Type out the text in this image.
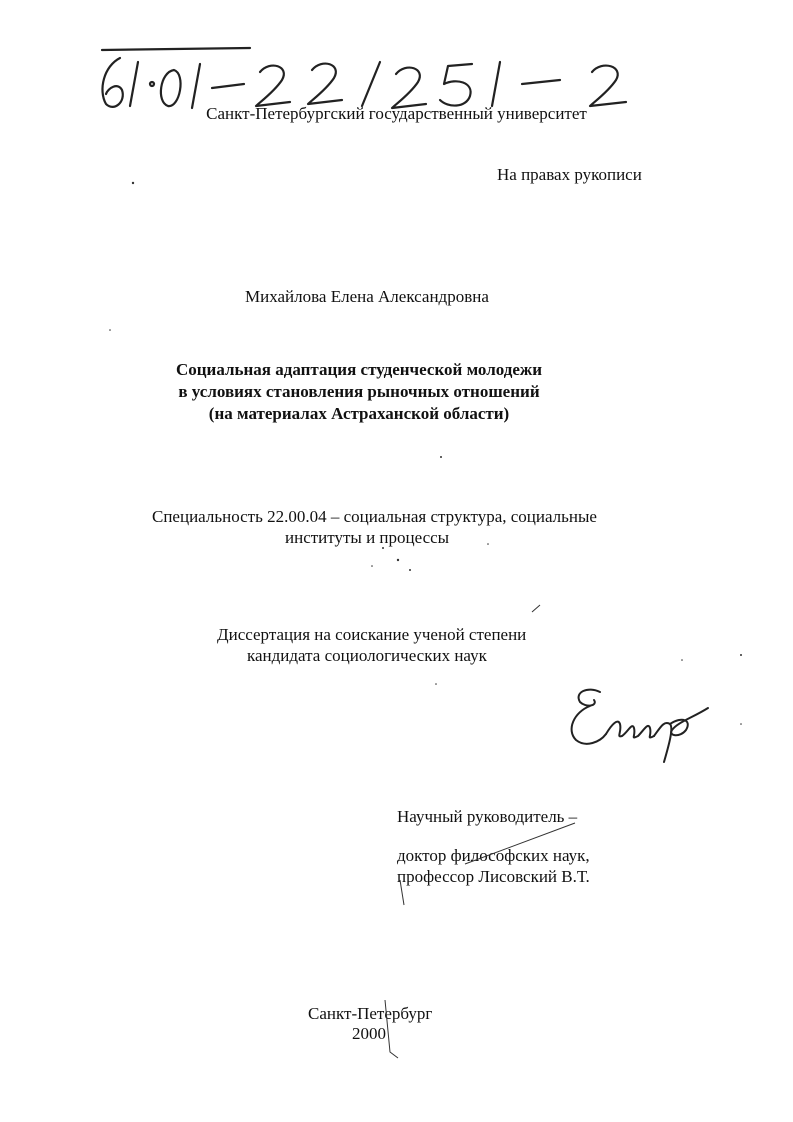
Санкт-Петербургский государственный университет
На правах рукописи
Михайлова Елена Александровна
Социальная адаптация студенческой молодежи
в условиях становления рыночных отношений
(на материалах Астраханской области)
Специальность 22.00.04 – социальная структура, социальные
институты и процессы
Диссертация на соискание ученой степени
кандидата социологических наук
Научный руководитель –
доктор философских наук,
профессор Лисовский В.Т.
Санкт-Петербург
2000
